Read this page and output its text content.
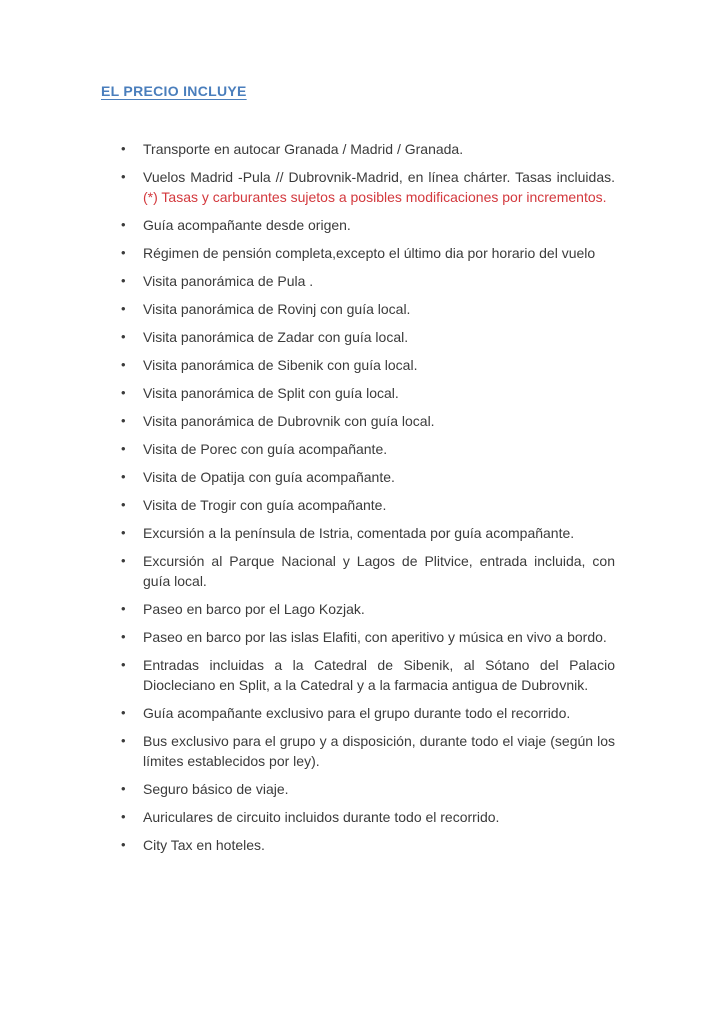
EL PRECIO INCLUYE
•	Transporte en autocar Granada / Madrid / Granada.
•	Vuelos Madrid -Pula // Dubrovnik-Madrid, en línea chárter. Tasas incluidas. (*) Tasas y carburantes sujetos a posibles modificaciones por incrementos.
•	Guía acompañante desde origen.
•	Régimen de pensión completa,excepto el último dia por horario del vuelo
•	Visita panorámica de Pula .
•	Visita panorámica de Rovinj con guía local.
•	Visita panorámica de Zadar con guía local.
•	Visita panorámica de Sibenik con guía local.
•	Visita panorámica de Split con guía local.
•	Visita panorámica de Dubrovnik con guía local.
•	Visita de Porec con guía acompañante.
•	Visita de Opatija con guía acompañante.
•	Visita de Trogir con guía acompañante.
•	Excursión a la península de Istria, comentada por guía acompañante.
•	Excursión al Parque Nacional y Lagos de Plitvice, entrada incluida, con guía local.
•	Paseo en barco por el Lago Kozjak.
•	Paseo en barco por las islas Elafiti, con aperitivo y música en vivo a bordo.
•	Entradas incluidas a la Catedral de Sibenik, al Sótano del Palacio Diocleciano en Split, a la Catedral y a la farmacia antigua de Dubrovnik.
•	Guía acompañante exclusivo para el grupo durante todo el recorrido.
•	Bus exclusivo para el grupo y a disposición, durante todo el viaje (según los límites establecidos por ley).
•	Seguro básico de viaje.
•	Auriculares de circuito incluidos durante todo el recorrido.
•	City Tax en hoteles.
